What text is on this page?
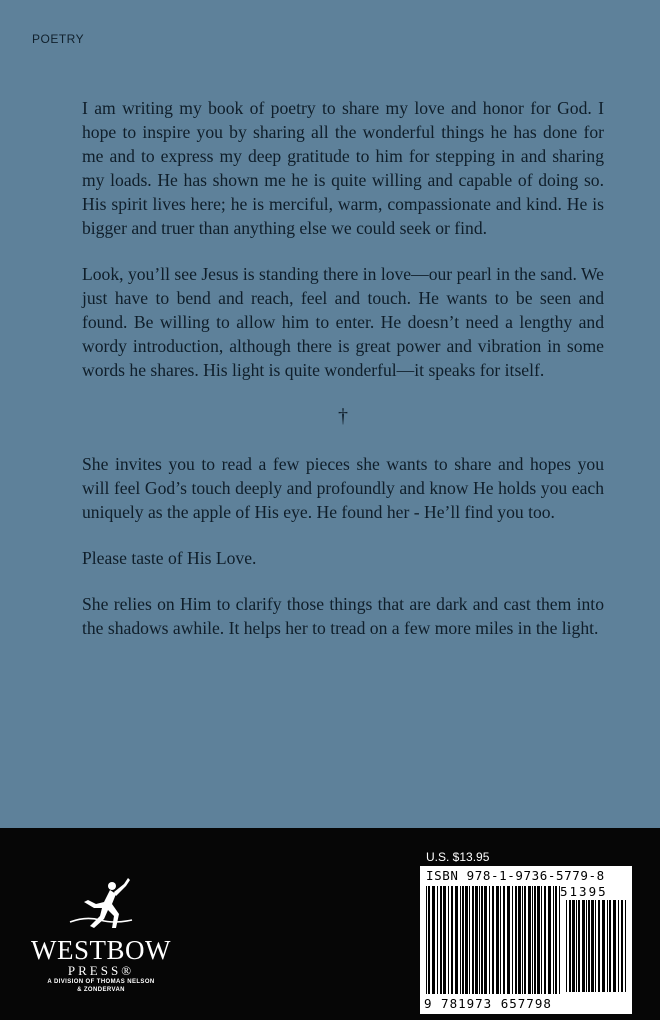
POETRY

I am writing my book of poetry to share my love and honor for God. I hope to inspire you by sharing all the wonderful things he has done for me and to express my deep gratitude to him for stepping in and sharing my loads. He has shown me he is quite willing and capable of doing so. His spirit lives here; he is merciful, warm, compassionate and kind. He is bigger and truer than anything else we could seek or find.

Look, you’ll see Jesus is standing there in love—our pearl in the sand. We just have to bend and reach, feel and touch. He wants to be seen and found. Be willing to allow him to enter. He doesn’t need a lengthy and wordy introduction, although there is great power and vibration in some words he shares. His light is quite wonderful—it speaks for itself.

†

She invites you to read a few pieces she wants to share and hopes you will feel God’s touch deeply and profoundly and know He holds you each uniquely as the apple of His eye. He found her - He’ll find you too.

Please taste of His Love.

She relies on Him to clarify those things that are dark and cast them into the shadows awhile. It helps her to tread on a few more miles in the light.

WESTBOW
PRESS®
A DIVISION OF THOMAS NELSON
& ZONDERVAN
U.S. $13.95
ISBN 978-1-9736-5779-8
51395
9 781973 657798
